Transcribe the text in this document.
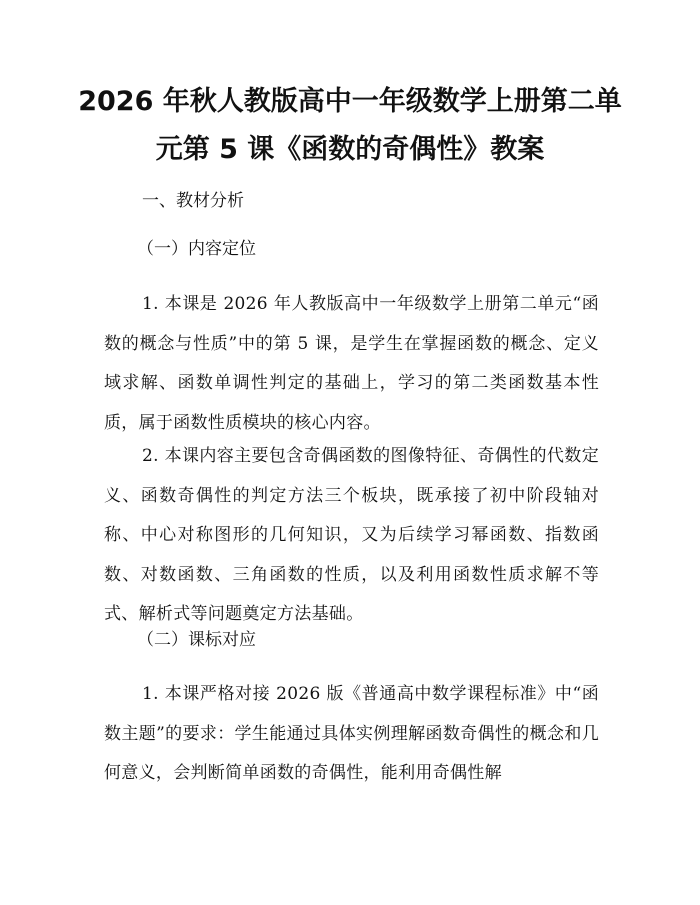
2026 年秋人教版高中一年级数学上册第二单
元第 5 课《函数的奇偶性》教案
一、教材分析
（一）内容定位

1. 本课是 2026 年人教版高中一年级数学上册第二单元“函数的概念与性质”中的第 5 课，是学生在掌握函数的概念、定义域求解、函数单调性判定的基础上，学习的第二类函数基本性质，属于函数性质模块的核心内容。

2. 本课内容主要包含奇偶函数的图像特征、奇偶性的代数定义、函数奇偶性的判定方法三个板块，既承接了初中阶段轴对称、中心对称图形的几何知识，又为后续学习幂函数、指数函数、对数函数、三角函数的性质，以及利用函数性质求解不等式、解析式等问题奠定方法基础。

（二）课标对应

1. 本课严格对接 2026 版《普通高中数学课程标准》中“函数主题”的要求：学生能通过具体实例理解函数奇偶性的概念和几何意义，会判断简单函数的奇偶性，能利用奇偶性解
